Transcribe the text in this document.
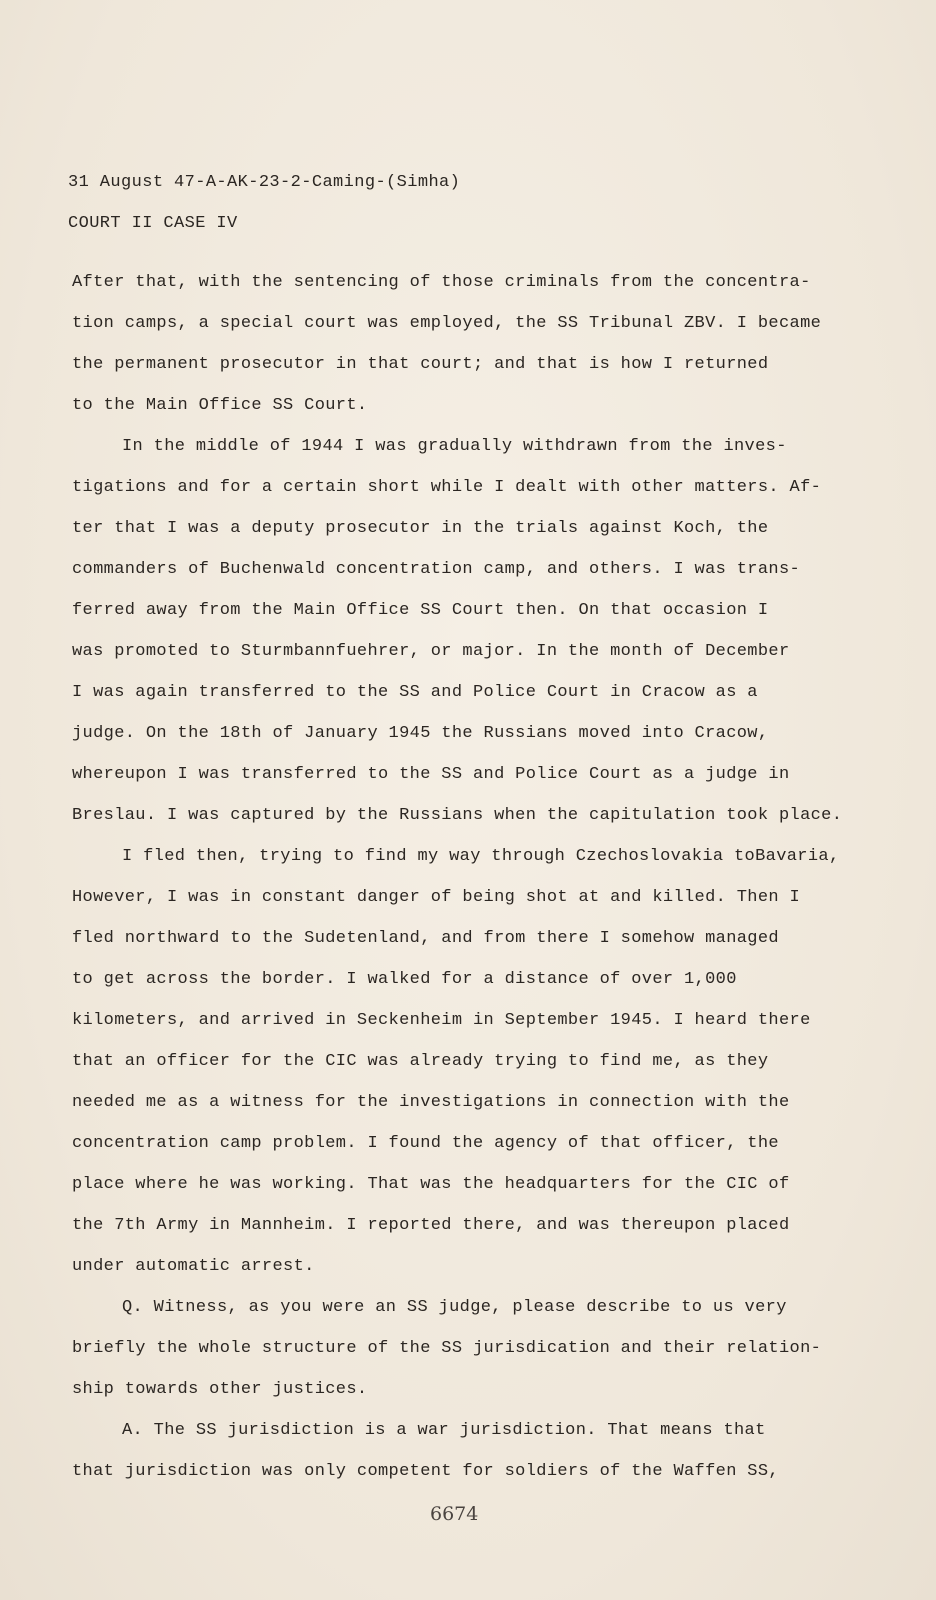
31 August 47-A-AK-23-2-Caming-(Simha)
COURT II CASE IV
After that, with the sentencing of those criminals from the concentra-
tion camps, a special court was employed, the SS Tribunal ZBV. I became
the permanent prosecutor in that court; and that is how I returned
to the Main Office SS Court.
In the middle of 1944 I was gradually withdrawn from the inves-
tigations and for a certain short while I dealt with other matters. Af-
ter that I was a deputy prosecutor in the trials against Koch, the
commanders of Buchenwald concentration camp, and others. I was trans-
ferred away from the Main Office SS Court then. On that occasion I
was promoted to Sturmbannfuehrer, or major. In the month of December
I was again transferred to the SS and Police Court in Cracow as a
judge. On the 18th of January 1945 the Russians moved into Cracow,
whereupon I was transferred to the SS and Police Court as a judge in
Breslau. I was captured by the Russians when the capitulation took place.
I fled then, trying to find my way through Czechoslovakia toBavaria,
However, I was in constant danger of being shot at and killed. Then I
fled northward to the Sudetenland, and from there I somehow managed
to get across the border. I walked for a distance of over 1,000
kilometers, and arrived in Seckenheim in September 1945. I heard there
that an officer for the CIC was already trying to find me, as they
needed me as a witness for the investigations in connection with the
concentration camp problem. I found the agency of that officer, the
place where he was working. That was the headquarters for the CIC of
the 7th Army in Mannheim. I reported there, and was thereupon placed
under automatic arrest.
Q. Witness, as you were an SS judge, please describe to us very
briefly the whole structure of the SS jurisdication and their relation-
ship towards other justices.
A. The SS jurisdiction is a war jurisdiction. That means that
that jurisdiction was only competent for soldiers of the Waffen SS,
6674
